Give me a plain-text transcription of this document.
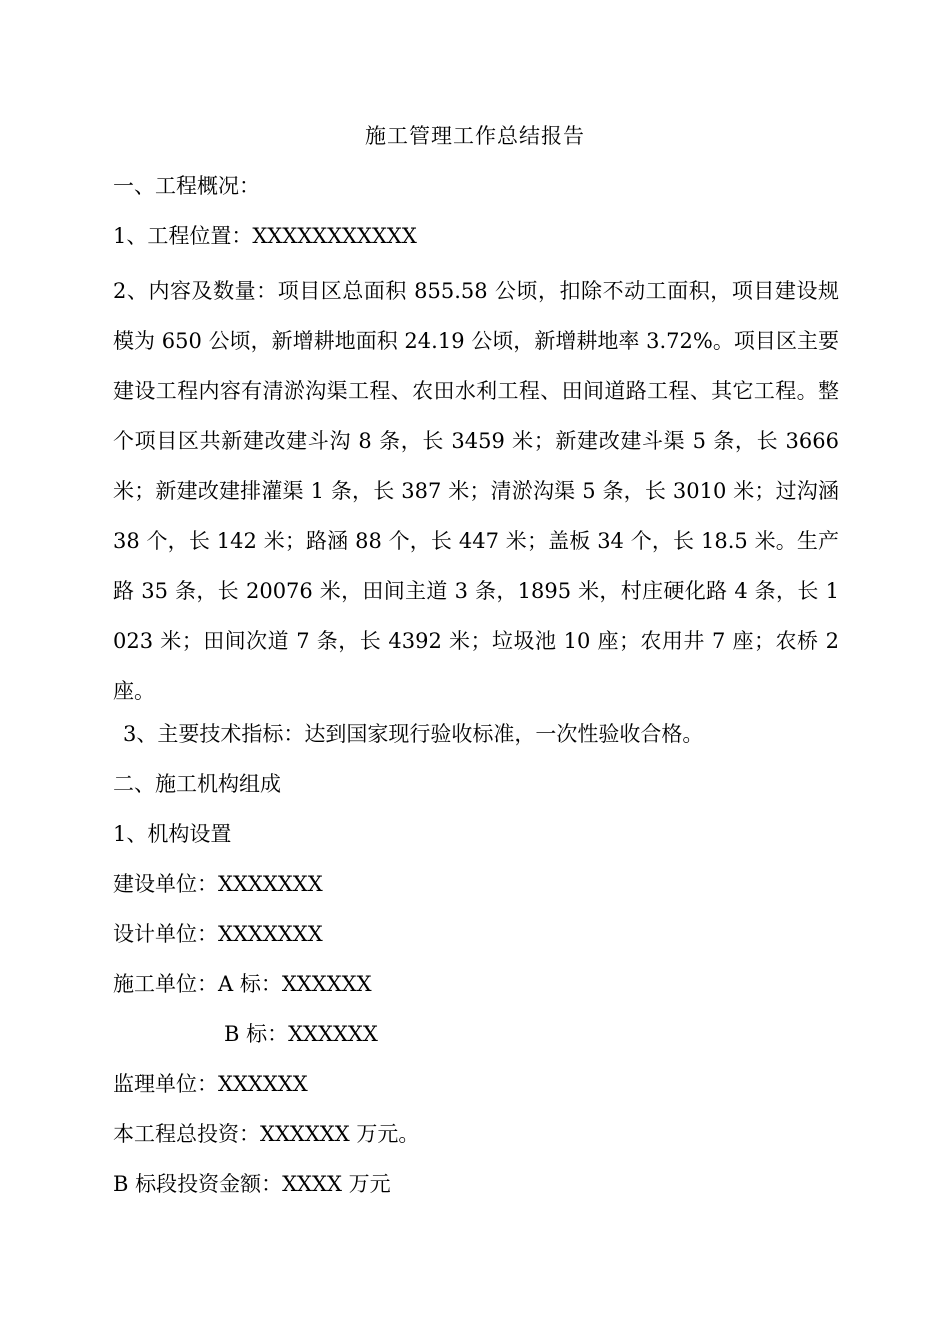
施工管理工作总结报告
一、工程概况：
1、工程位置：XXXXXXXXXXX
2、内容及数量：项目区总面积 855.58 公顷，扣除不动工面积，项目建设规模为 650 公顷，新增耕地面积 24.19 公顷，新增耕地率 3.72%。项目区主要建设工程内容有清淤沟渠工程、农田水利工程、田间道路工程、其它工程。整个项目区共新建改建斗沟 8 条，长 3459 米；新建改建斗渠 5 条，长 3666 米；新建改建排灌渠 1 条，长 387 米；清淤沟渠 5 条，长 3010 米；过沟涵 38 个，长 142 米；路涵 88 个，长 447 米；盖板 34 个，长 18.5 米。生产路 35 条，长 20076 米，田间主道 3 条，1895 米，村庄硬化路 4 条，长 1023 米；田间次道 7 条，长 4392 米；垃圾池 10 座；农用井 7 座；农桥 2 座。
3、主要技术指标：达到国家现行验收标准，一次性验收合格。
二、施工机构组成
1、机构设置
建设单位：XXXXXXX
设计单位：XXXXXXX
施工单位：A 标：XXXXXX
B 标：XXXXXX
监理单位：XXXXXX
本工程总投资：XXXXXX 万元。
B 标段投资金额：XXXX 万元
